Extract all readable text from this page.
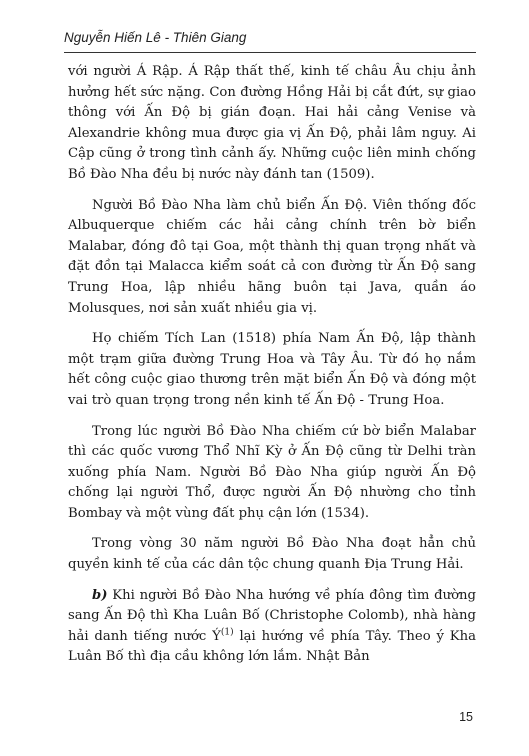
Nguyễn Hiến Lê - Thiên Giang

với người Á Rập. Á Rập thất thế, kinh tế châu Âu chịu ảnh hưởng hết sức nặng. Con đường Hồng Hải bị cắt đứt, sự giao thông với Ấn Độ bị gián đoạn. Hai hải cảng Venise và Alexandrie không mua được gia vị Ấn Độ, phải lâm nguy. Ai Cập cũng ở trong tình cảnh ấy. Những cuộc liên minh chống Bồ Đào Nha đều bị nước này đánh tan (1509).

Người Bồ Đào Nha làm chủ biển Ấn Độ. Viên thống đốc Albuquerque chiếm các hải cảng chính trên bờ biển Malabar, đóng đô tại Goa, một thành thị quan trọng nhất và đặt đồn tại Malacca kiểm soát cả con đường từ Ấn Độ sang Trung Hoa, lập nhiều hãng buôn tại Java, quần áo Molusques, nơi sản xuất nhiều gia vị.

Họ chiếm Tích Lan (1518) phía Nam Ấn Độ, lập thành một trạm giữa đường Trung Hoa và Tây Âu. Từ đó họ nắm hết công cuộc giao thương trên mặt biển Ấn Độ và đóng một vai trò quan trọng trong nền kinh tế Ấn Độ - Trung Hoa.

Trong lúc người Bồ Đào Nha chiếm cứ bờ biển Malabar thì các quốc vương Thổ Nhĩ Kỳ ở Ấn Độ cũng từ Delhi tràn xuống phía Nam. Người Bồ Đào Nha giúp người Ấn Độ chống lại người Thổ, được người Ấn Độ nhường cho tỉnh Bombay và một vùng đất phụ cận lớn (1534).

Trong vòng 30 năm người Bồ Đào Nha đoạt hẳn chủ quyền kinh tế của các dân tộc chung quanh Địa Trung Hải.

b) Khi người Bồ Đào Nha hướng về phía đông tìm đường sang Ấn Độ thì Kha Luân Bố (Christophe Colomb), nhà hàng hải danh tiếng nước $Ý^{(1)}$ lại hướng về phía Tây. Theo ý Kha Luân Bố thì địa cầu không lớn lắm. Nhật Bản

15
